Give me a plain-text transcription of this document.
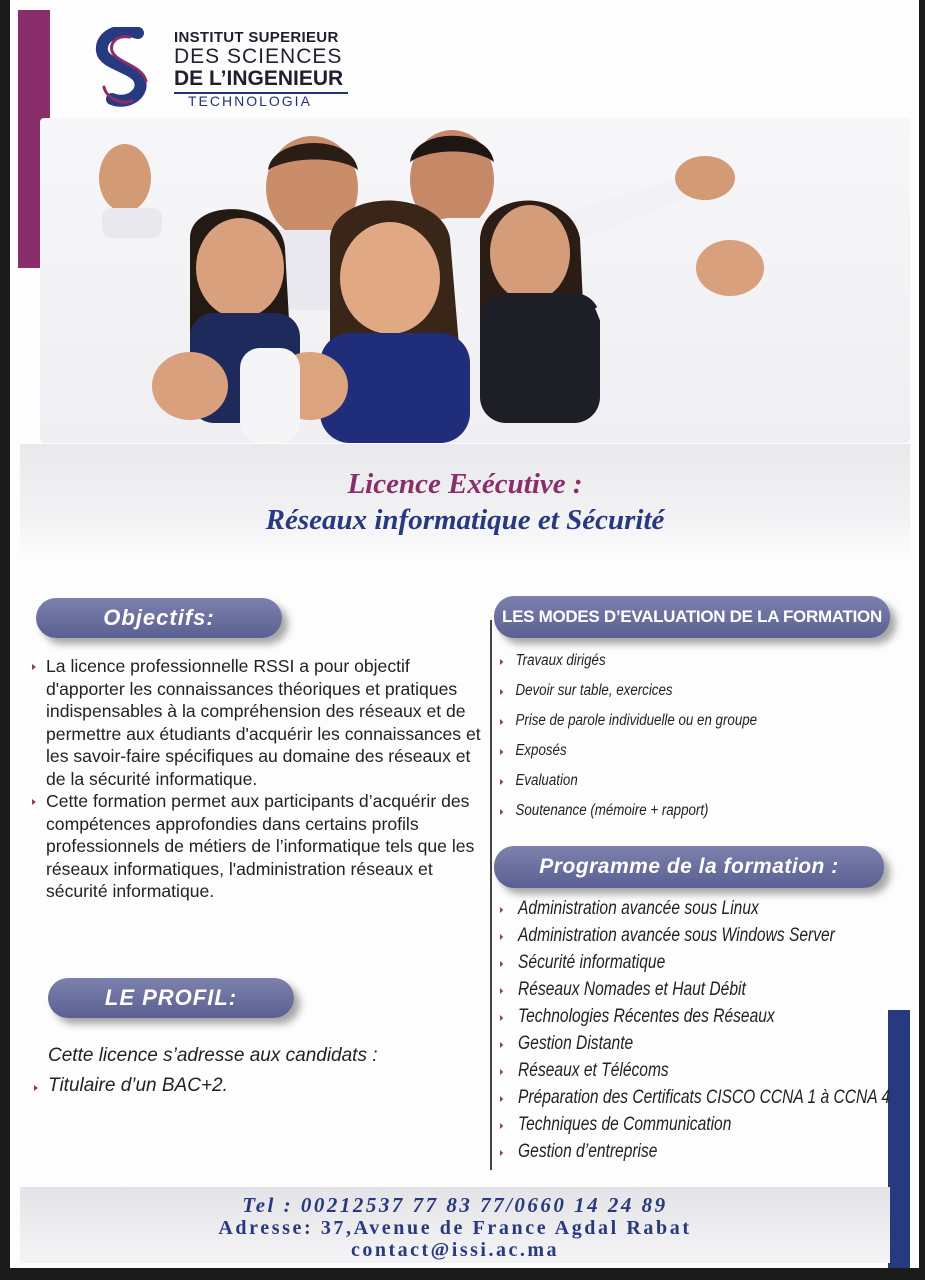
INSTITUT SUPERIEUR
DES SCIENCES
DE L’INGENIEUR
TECHNOLOGIA
Licence Exécutive :
Réseaux informatique et Sécurité
Objectifs:
La licence professionnelle RSSI a pour objectif d'apporter les connaissances théoriques et pratiques indispensables à la compréhension des réseaux et de permettre aux étudiants d'acquérir les connaissances et les savoir-faire spécifiques au domaine des réseaux et de la sécurité informatique.
Cette formation permet aux participants d’acquérir des compétences approfondies dans certains profils professionnels de métiers de l’informatique tels que les réseaux informatiques, l'administration réseaux et sécurité informatique.
LE PROFIL:
Cette licence s’adresse aux candidats :
Titulaire d’un BAC+2.
LES MODES D’EVALUATION DE LA FORMATION
Travaux dirigés
Devoir sur table, exercices
Prise de parole individuelle ou en groupe
Exposés
Evaluation
Soutenance (mémoire + rapport)
Programme de la formation :
Administration avancée sous Linux
Administration avancée sous Windows Server
Sécurité informatique
Réseaux Nomades et Haut Débit
Technologies Récentes des Réseaux
Gestion Distante
Réseaux et Télécoms
Préparation des Certificats CISCO CCNA 1 à CCNA 4
Techniques de Communication
Gestion d’entreprise
Tel : 00212537 77 83 77/0660 14 24 89
Adresse: 37,Avenue de France Agdal Rabat
contact@issi.ac.ma
